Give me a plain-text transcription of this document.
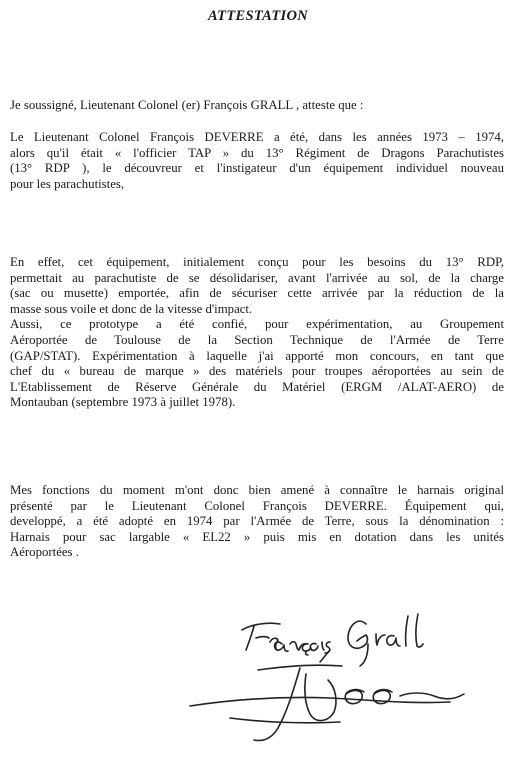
ATTESTATION
Je soussigné, Lieutenant Colonel (er) François GRALL , atteste que :
Le Lieutenant Colonel François DEVERRE a été, dans les années 1973 – 1974,
alors qu'il était « l'officier TAP » du 13° Régiment de Dragons Parachutistes
(13° RDP ), le découvreur et l'instigateur d'un équipement individuel nouveau
pour les parachutistes,
En effet, cet équipement, initialement conçu pour les besoins du 13° RDP,
permettait au parachutiste de se désolidariser, avant l'arrivée au sol, de la charge
(sac ou musette) emportée, afin de sécuriser cette arrivée par la réduction de la
masse sous voile et donc de la vitesse d'impact.
Aussi, ce prototype a été confié, pour expérimentation, au Groupement
Aéroportée de Toulouse de la Section Technique de l'Armée de Terre
(GAP/STAT). Expérimentation à laquelle j'ai apporté mon concours, en tant que
chef du « bureau de marque » des matériels pour troupes aéroportées au sein de
L'Etablissement de Réserve Générale du Matériel (ERGM /ALAT-AERO) de
Montauban (septembre 1973 à juillet 1978).
Mes fonctions du moment m'ont donc bien amené à connaître le harnais original
présenté par le Lieutenant Colonel François DEVERRE. Équipement qui,
developpé, a été adopté en 1974 par l'Armée de Terre, sous la dénomination :
Harnais pour sac largable « EL22 » puis mis en dotation dans les unités
Aéroportées .
